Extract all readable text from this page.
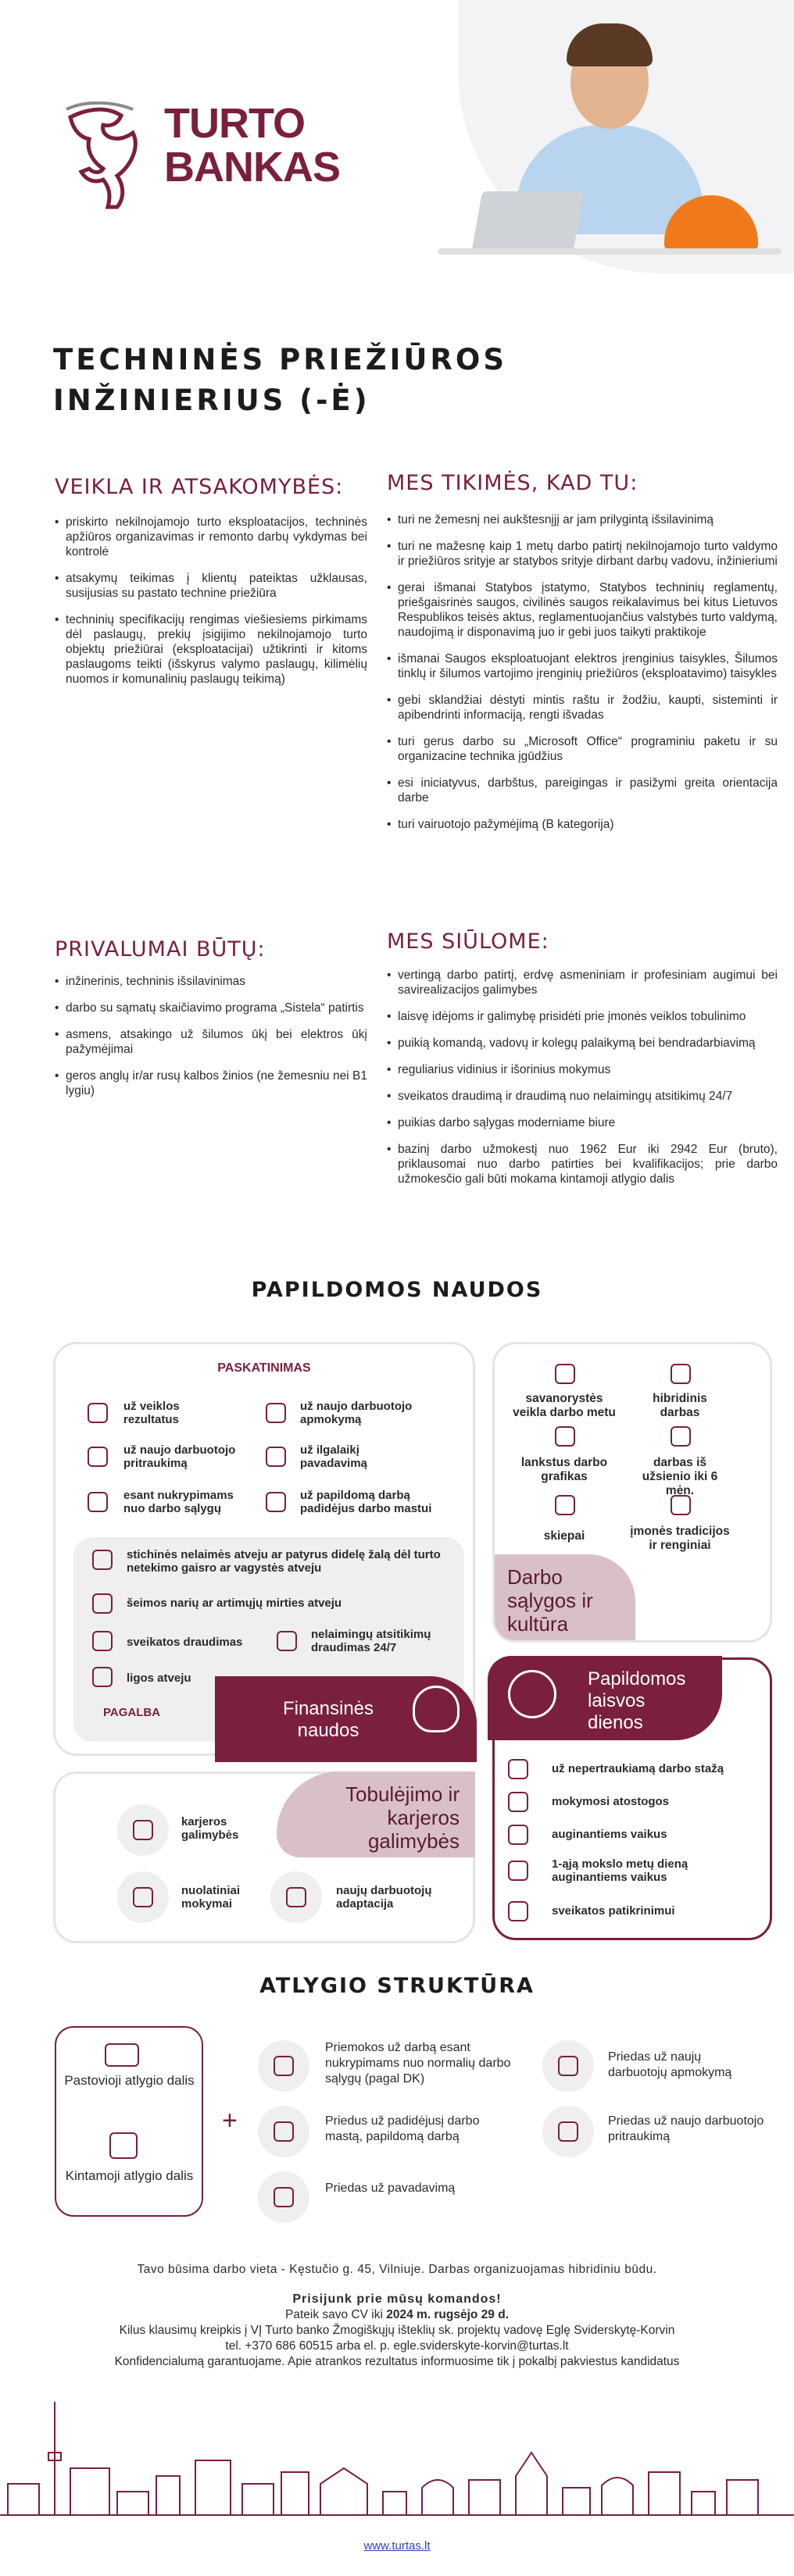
TURTO
BANKAS
TECHNINĖS PRIEŽIŪROS
INŽINIERIUS (-Ė)
VEIKLA IR ATSAKOMYBĖS:
• priskirto nekilnojamojo turto eksploatacijos, techninės apžiūros organizavimas ir remonto darbų vykdymas bei kontrolė
• atsakymų teikimas į klientų pateiktas užklausas, susijusias su pastato technine priežiūra
• techninių specifikacijų rengimas viešiesiems pirkimams dėl paslaugų, prekių įsigijimo nekilnojamojo turto objektų priežiūrai (eksploatacijai) užtikrinti ir kitoms paslaugoms teikti (išskyrus valymo paslaugų, kilimėlių nuomos ir komunalinių paslaugų teikimą)
MES TIKIMĖS, KAD TU:
• turi ne žemesnį nei aukštesnįjį ar jam prilygintą išsilavinimą
• turi ne mažesnę kaip 1 metų darbo patirtį nekilnojamojo turto valdymo ir priežiūros srityje ar statybos srityje dirbant darbų vadovu, inžinieriumi
• gerai išmanai Statybos įstatymo, Statybos techninių reglamentų, priešgaisrinės saugos, civilinės saugos reikalavimus bei kitus Lietuvos Respublikos teisės aktus, reglamentuojančius valstybės turto valdymą, naudojimą ir disponavimą juo ir gebi juos taikyti praktikoje
• išmanai Saugos eksploatuojant elektros įrenginius taisykles, Šilumos tinklų ir šilumos vartojimo įrenginių priežiūros (eksploatavimo) taisykles
• gebi sklandžiai dėstyti mintis raštu ir žodžiu, kaupti, sisteminti ir apibendrinti informaciją, rengti išvadas
• turi gerus darbo su „Microsoft Office“ programiniu paketu ir su organizacine technika įgūdžius
• esi iniciatyvus, darbštus, pareigingas ir pasižymi greita orientacija darbe
• turi vairuotojo pažymėjimą (B kategorija)
PRIVALUMAI BŪTŲ:
• inžinerinis, techninis išsilavinimas
• darbo su sąmatų skaičiavimo programa „Sistela“ patirtis
• asmens, atsakingo už šilumos ūkį bei elektros ūkį pažymėjimai
• geros anglų ir/ar rusų kalbos žinios (ne žemesniu nei B1 lygiu)
MES SIŪLOME:
• vertingą darbo patirtį, erdvę asmeniniam ir profesiniam augimui bei savirealizacijos galimybes
• laisvę idėjoms ir galimybę prisidėti prie įmonės veiklos tobulinimo
• puikią komandą, vadovų ir kolegų palaikymą bei bendradarbiavimą
• reguliarius vidinius ir išorinius mokymus
• sveikatos draudimą ir draudimą nuo nelaimingų atsitikimų 24/7
• puikias darbo sąlygas moderniame biure
• bazinį darbo užmokestį nuo 1962 Eur iki 2942 Eur (bruto), priklausomai nuo darbo patirties bei kvalifikacijos; prie darbo užmokesčio gali būti mokama kintamoji atlygio dalis
PAPILDOMOS NAUDOS
PASKATINIMAS
už veiklos rezultatus
už naujo darbuotojo pritraukimą
esant nukrypimams nuo darbo sąlygų
už naujo darbuotojo apmokymą
už ilgalaikį pavadavimą
už papildomą darbą padidėjus darbo mastui
stichinės nelaimės atveju ar patyrus didelę žalą dėl turto netekimo gaisro ar vagystės atveju
šeimos narių ar artimųjų mirties atveju
sveikatos draudimas
nelaimingų atsitikimų draudimas 24/7
ligos atveju
PAGALBA	Finansinės naudos
savanorystės veikla darbo metu
hibridinis darbas
lankstus darbo grafikas
darbas iš užsienio iki 6 mėn.
skiepai	įmonės tradicijos ir renginiai
Darbo sąlygos ir kultūra
Papildomos laisvos dienos
už nepertraukiamą darbo stažą
mokymosi atostogos
auginantiems vaikus
1-ąją mokslo metų dieną auginantiems vaikus
sveikatos patikrinimui
Tobulėjimo ir karjeros galimybės
karjeros galimybės
nuolatiniai mokymai
naujų darbuotojų adaptacija
ATLYGIO STRUKTŪRA
Pastovioji atlygio dalis
Kintamoji atlygio dalis
+
Priemokos už darbą esant nukrypimams nuo normalių darbo sąlygų (pagal DK)
Priedas už naujų darbuotojų apmokymą
Priedus už padidėjusį darbo mastą, papildomą darbą
Priedas už naujo darbuotojo pritraukimą
Priedas už pavadavimą
Tavo būsima darbo vieta - Kęstučio g. 45, Vilniuje. Darbas organizuojamas hibridiniu būdu.
Prisijunk prie mūsų komandos!
Pateik savo CV iki 2024 m. rugsėjo 29 d.
Kilus klausimų kreipkis į VĮ Turto banko Žmogiškųjų išteklių sk. projektų vadovę Eglę Sviderskytę-Korvin
tel. +370 686 60515 arba el. p. egle.sviderskyte-korvin@turtas.lt
Konfidencialumą garantuojame. Apie atrankos rezultatus informuosime tik į pokalbį pakviestus kandidatus
www.turtas.lt
